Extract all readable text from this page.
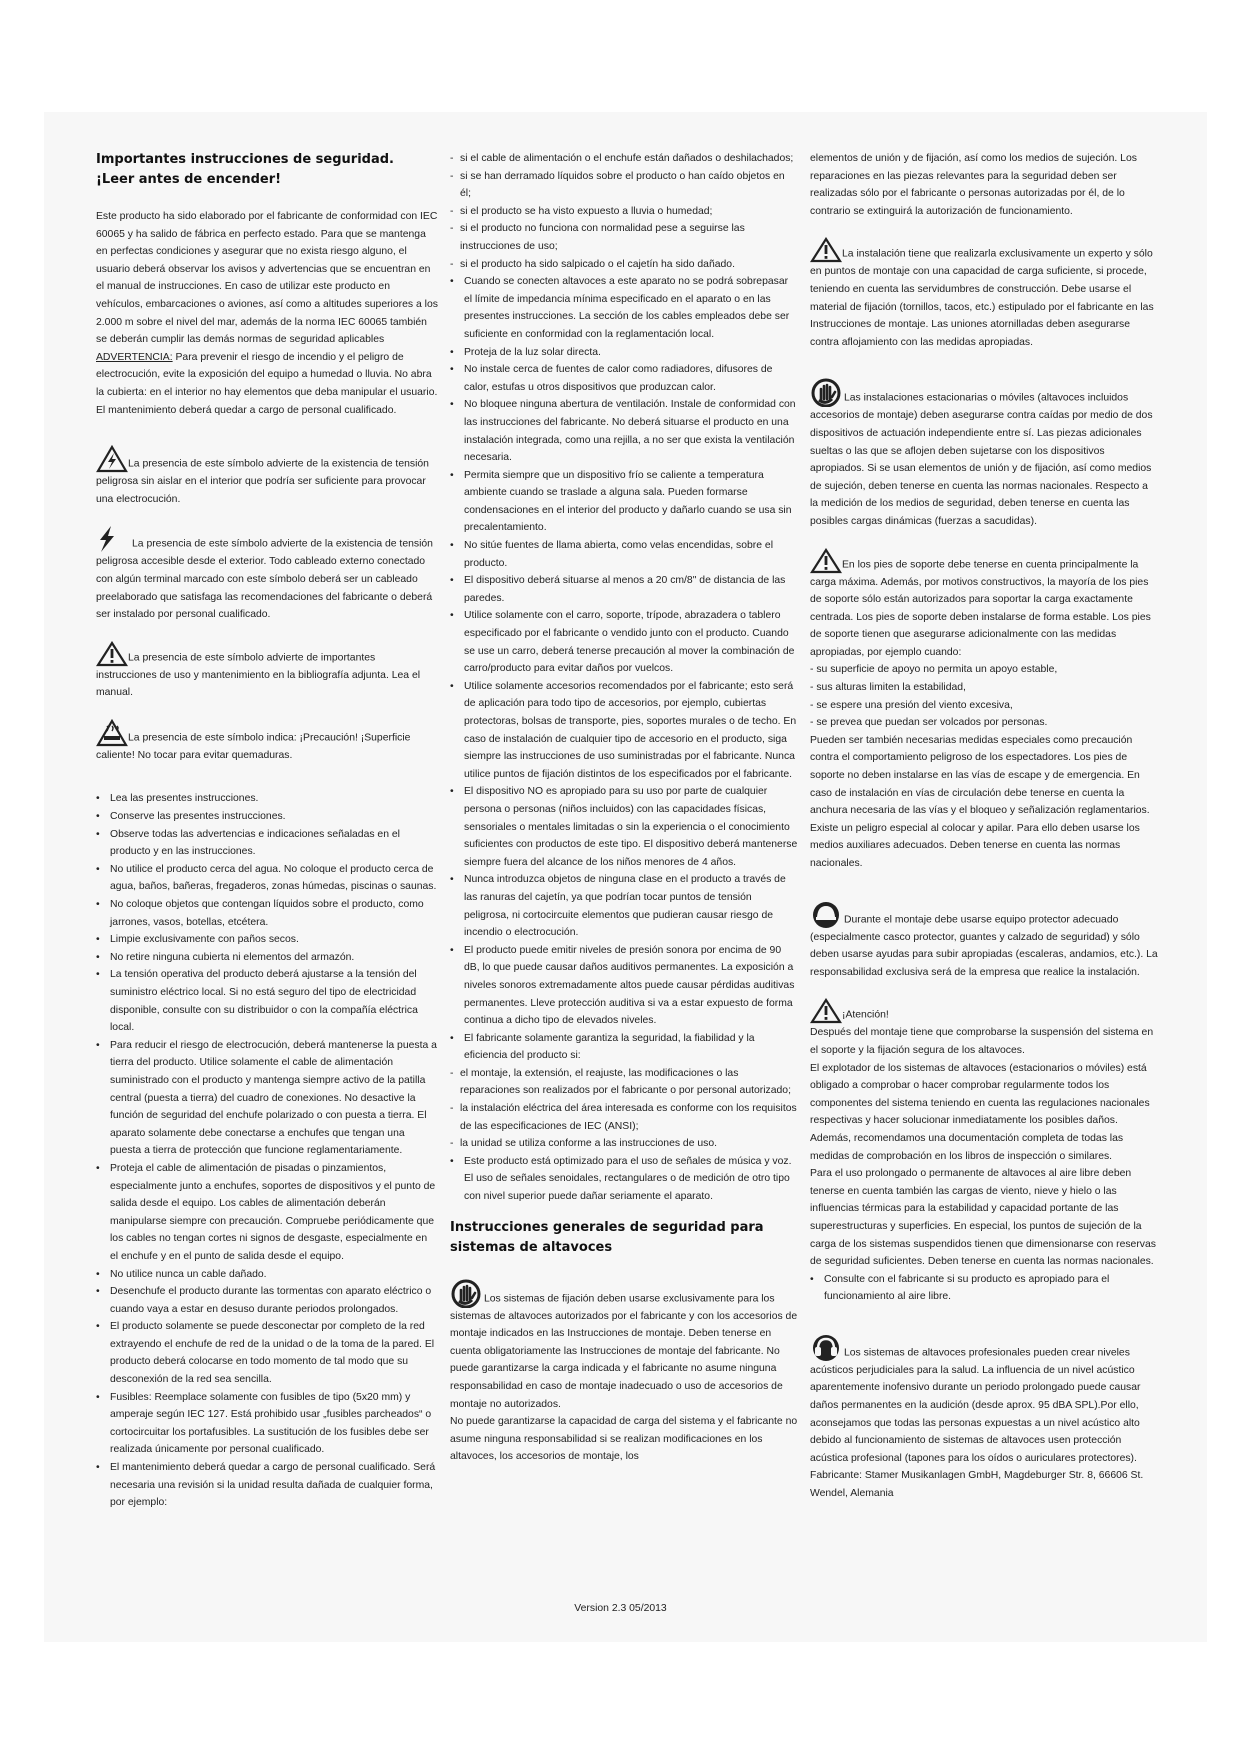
Importantes instrucciones de seguridad.
¡Leer antes de encender!

Este producto ha sido elaborado por el fabricante de conformidad con IEC 60065 y ha salido de fábrica en perfecto estado. Para que se mantenga en perfectas condiciones y asegurar que no exista riesgo alguno, el usuario deberá observar los avisos y advertencias que se encuentran en el manual de instrucciones. En caso de utilizar este producto en vehículos, embarcaciones o aviones, así como a altitudes superiores a los 2.000 m sobre el nivel del mar, además de la norma IEC 60065 también se deberán cumplir las demás normas de seguridad aplicables

ADVERTENCIA: Para prevenir el riesgo de incendio y el peligro de electrocución, evite la exposición del equipo a humedad o lluvia. No abra la cubierta: en el interior no hay elementos que deba manipular el usuario. El mantenimiento deberá quedar a cargo de personal cualificado.

La presencia de este símbolo advierte de la existencia de tensión peligrosa sin aislar en el interior que podría ser suficiente para provocar una electrocución.

La presencia de este símbolo advierte de la existencia de tensión peligrosa accesible desde el exterior. Todo cableado externo conectado con algún terminal marcado con este símbolo deberá ser un cableado preelaborado que satisfaga las recomendaciones del fabricante o deberá ser instalado por personal cualificado.

La presencia de este símbolo advierte de importantes instrucciones de uso y mantenimiento en la bibliografía adjunta. Lea el manual.

La presencia de este símbolo indica: ¡Precaución! ¡Superficie caliente! No tocar para evitar quemaduras.

• Lea las presentes instrucciones.
• Conserve las presentes instrucciones.
• Observe todas las advertencias e indicaciones señaladas en el producto y en las instrucciones.
• No utilice el producto cerca del agua. No coloque el producto cerca de agua, baños, bañeras, fregaderos, zonas húmedas, piscinas o saunas.
• No coloque objetos que contengan líquidos sobre el producto, como jarrones, vasos, botellas, etcétera.
• Limpie exclusivamente con paños secos.
• No retire ninguna cubierta ni elementos del armazón.
• La tensión operativa del producto deberá ajustarse a la tensión del suministro eléctrico local. Si no está seguro del tipo de electricidad disponible, consulte con su distribuidor o con la compañía eléctrica local.
• Para reducir el riesgo de electrocución, deberá mantenerse la puesta a tierra del producto. Utilice solamente el cable de alimentación suministrado con el producto y mantenga siempre activo de la patilla central (puesta a tierra) del cuadro de conexiones. No desactive la función de seguridad del enchufe polarizado o con puesta a tierra. El aparato solamente debe conectarse a enchufes que tengan una puesta a tierra de protección que funcione reglamentariamente.
• Proteja el cable de alimentación de pisadas o pinzamientos, especialmente junto a enchufes, soportes de dispositivos y el punto de salida desde el equipo. Los cables de alimentación deberán manipularse siempre con precaución. Compruebe periódicamente que los cables no tengan cortes ni signos de desgaste, especialmente en el enchufe y en el punto de salida desde el equipo.
• No utilice nunca un cable dañado.
• Desenchufe el producto durante las tormentas con aparato eléctrico o cuando vaya a estar en desuso durante periodos prolongados.
• El producto solamente se puede desconectar por completo de la red extrayendo el enchufe de red de la unidad o de la toma de la pared. El producto deberá colocarse en todo momento de tal modo que su desconexión de la red sea sencilla.
• Fusibles: Reemplace solamente con fusibles de tipo (5x20 mm) y amperaje según IEC 127. Está prohibido usar „fusibles parcheados“ o cortocircuitar los portafusibles. La sustitución de los fusibles debe ser realizada únicamente por personal cualificado.
• El mantenimiento deberá quedar a cargo de personal cualificado. Será necesaria una revisión si la unidad resulta dañada de cualquier forma, por ejemplo:
- si el cable de alimentación o el enchufe están dañados o deshilachados;
- si se han derramado líquidos sobre el producto o han caído objetos en él;
- si el producto se ha visto expuesto a lluvia o humedad;
- si el producto no funciona con normalidad pese a seguirse las instrucciones de uso;
- si el producto ha sido salpicado o el cajetín ha sido dañado.
• Cuando se conecten altavoces a este aparato no se podrá sobrepasar el límite de impedancia mínima especificado en el aparato o en las presentes instrucciones. La sección de los cables empleados debe ser suficiente en conformidad con la reglamentación local.
• Proteja de la luz solar directa.
• No instale cerca de fuentes de calor como radiadores, difusores de calor, estufas u otros dispositivos que produzcan calor.
• No bloquee ninguna abertura de ventilación. Instale de conformidad con las instrucciones del fabricante. No deberá situarse el producto en una instalación integrada, como una rejilla, a no ser que exista la ventilación necesaria.
• Permita siempre que un dispositivo frío se caliente a temperatura ambiente cuando se traslade a alguna sala. Pueden formarse condensaciones en el interior del producto y dañarlo cuando se usa sin precalentamiento.
• No sitúe fuentes de llama abierta, como velas encendidas, sobre el producto.
• El dispositivo deberá situarse al menos a 20 cm/8" de distancia de las paredes.
• Utilice solamente con el carro, soporte, trípode, abrazadera o tablero especificado por el fabricante o vendido junto con el producto. Cuando se use un carro, deberá tenerse precaución al mover la combinación de carro/producto para evitar daños por vuelcos.
• Utilice solamente accesorios recomendados por el fabricante; esto será de aplicación para todo tipo de accesorios, por ejemplo, cubiertas protectoras, bolsas de transporte, pies, soportes murales o de techo. En caso de instalación de cualquier tipo de accesorio en el producto, siga siempre las instrucciones de uso suministradas por el fabricante. Nunca utilice puntos de fijación distintos de los especificados por el fabricante.
• El dispositivo NO es apropiado para su uso por parte de cualquier persona o personas (niños incluidos) con las capacidades físicas, sensoriales o mentales limitadas o sin la experiencia o el conocimiento suficientes con productos de este tipo. El dispositivo deberá mantenerse siempre fuera del alcance de los niños menores de 4 años.
• Nunca introduzca objetos de ninguna clase en el producto a través de las ranuras del cajetín, ya que podrían tocar puntos de tensión peligrosa, ni cortocircuite elementos que pudieran causar riesgo de incendio o electrocución.
• El producto puede emitir niveles de presión sonora por encima de 90 dB, lo que puede causar daños auditivos permanentes. La exposición a niveles sonoros extremadamente altos puede causar pérdidas auditivas permanentes. Lleve protección auditiva si va a estar expuesto de forma continua a dicho tipo de elevados niveles.
• El fabricante solamente garantiza la seguridad, la fiabilidad y la eficiencia del producto si:
- el montaje, la extensión, el reajuste, las modificaciones o las reparaciones son realizados por el fabricante o por personal autorizado;
- la instalación eléctrica del área interesada es conforme con los requisitos de las especificaciones de IEC (ANSI);
- la unidad se utiliza conforme a las instrucciones de uso.
• Este producto está optimizado para el uso de señales de música y voz. El uso de señales senoidales, rectangulares o de medición de otro tipo con nivel superior puede dañar seriamente el aparato.
Instrucciones generales de seguridad para sistemas de altavoces

Los sistemas de fijación deben usarse exclusivamente para los sistemas de altavoces autorizados por el fabricante y con los accesorios de montaje indicados en las Instrucciones de montaje. Deben tenerse en cuenta obligatoriamente las Instrucciones de montaje del fabricante. No puede garantizarse la carga indicada y el fabricante no asume ninguna responsabilidad en caso de montaje inadecuado o uso de accesorios de montaje no autorizados.

No puede garantizarse la capacidad de carga del sistema y el fabricante no asume ninguna responsabilidad si se realizan modificaciones en los altavoces, los accesorios de montaje, los

elementos de unión y de fijación, así como los medios de sujeción. Los reparaciones en las piezas relevantes para la seguridad deben ser realizadas sólo por el fabricante o personas autorizadas por él, de lo contrario se extinguirá la autorización de funcionamiento.

La instalación tiene que realizarla exclusivamente un experto y sólo en puntos de montaje con una capacidad de carga suficiente, si procede, teniendo en cuenta las servidumbres de construcción. Debe usarse el material de fijación (tornillos, tacos, etc.) estipulado por el fabricante en las Instrucciones de montaje. Las uniones atornilladas deben asegurarse contra aflojamiento con las medidas apropiadas.

Las instalaciones estacionarias o móviles (altavoces incluidos accesorios de montaje) deben asegurarse contra caídas por medio de dos dispositivos de actuación independiente entre sí. Las piezas adicionales sueltas o las que se aflojen deben sujetarse con los dispositivos apropiados. Si se usan elementos de unión y de fijación, así como medios de sujeción, deben tenerse en cuenta las normas nacionales. Respecto a la medición de los medios de seguridad, deben tenerse en cuenta las posibles cargas dinámicas (fuerzas a sacudidas).

En los pies de soporte debe tenerse en cuenta principalmente la carga máxima. Además, por motivos constructivos, la mayoría de los pies de soporte sólo están autorizados para soportar la carga exactamente centrada. Los pies de soporte deben instalarse de forma estable. Los pies de soporte tienen que asegurarse adicionalmente con las medidas apropiadas, por ejemplo cuando:

- su superficie de apoyo no permita un apoyo estable,
- sus alturas limiten la estabilidad,
- se espere una presión del viento excesiva,
- se prevea que puedan ser volcados por personas.

Pueden ser también necesarias medidas especiales como precaución contra el comportamiento peligroso de los espectadores. Los pies de soporte no deben instalarse en las vías de escape y de emergencia. En caso de instalación en vías de circulación debe tenerse en cuenta la anchura necesaria de las vías y el bloqueo y señalización reglamentarios. Existe un peligro especial al colocar y apilar. Para ello deben usarse los medios auxiliares adecuados. Deben tenerse en cuenta las normas nacionales.

Durante el montaje debe usarse equipo protector adecuado (especialmente casco protector, guantes y calzado de seguridad) y sólo deben usarse ayudas para subir apropiadas (escaleras, andamios, etc.). La responsabilidad exclusiva será de la empresa que realice la instalación.

¡Atención!

Después del montaje tiene que comprobarse la suspensión del sistema en el soporte y la fijación segura de los altavoces.

El explotador de los sistemas de altavoces (estacionarios o móviles) está obligado a comprobar o hacer comprobar regularmente todos los componentes del sistema teniendo en cuenta las regulaciones nacionales respectivas y hacer solucionar inmediatamente los posibles daños.

Además, recomendamos una documentación completa de todas las medidas de comprobación en los libros de inspección o similares.

Para el uso prolongado o permanente de altavoces al aire libre deben tenerse en cuenta también las cargas de viento, nieve y hielo o las influencias térmicas para la estabilidad y capacidad portante de las superestructuras y superficies. En especial, los puntos de sujeción de la carga de los sistemas suspendidos tienen que dimensionarse con reservas de seguridad suficientes. Deben tenerse en cuenta las normas nacionales.

• Consulte con el fabricante si su producto es apropiado para el funcionamiento al aire libre.

Los sistemas de altavoces profesionales pueden crear niveles acústicos perjudiciales para la salud. La influencia de un nivel acústico aparentemente inofensivo durante un periodo prolongado puede causar daños permanentes en la audición (desde aprox. 95 dBA SPL).Por ello, aconsejamos que todas las personas expuestas a un nivel acústico alto debido al funcionamiento de sistemas de altavoces usen protección acústica profesional (tapones para los oídos o auriculares protectores).

Fabricante: Stamer Musikanlagen GmbH, Magdeburger Str. 8, 66606 St. Wendel, Alemania

Version 2.3 05/2013
